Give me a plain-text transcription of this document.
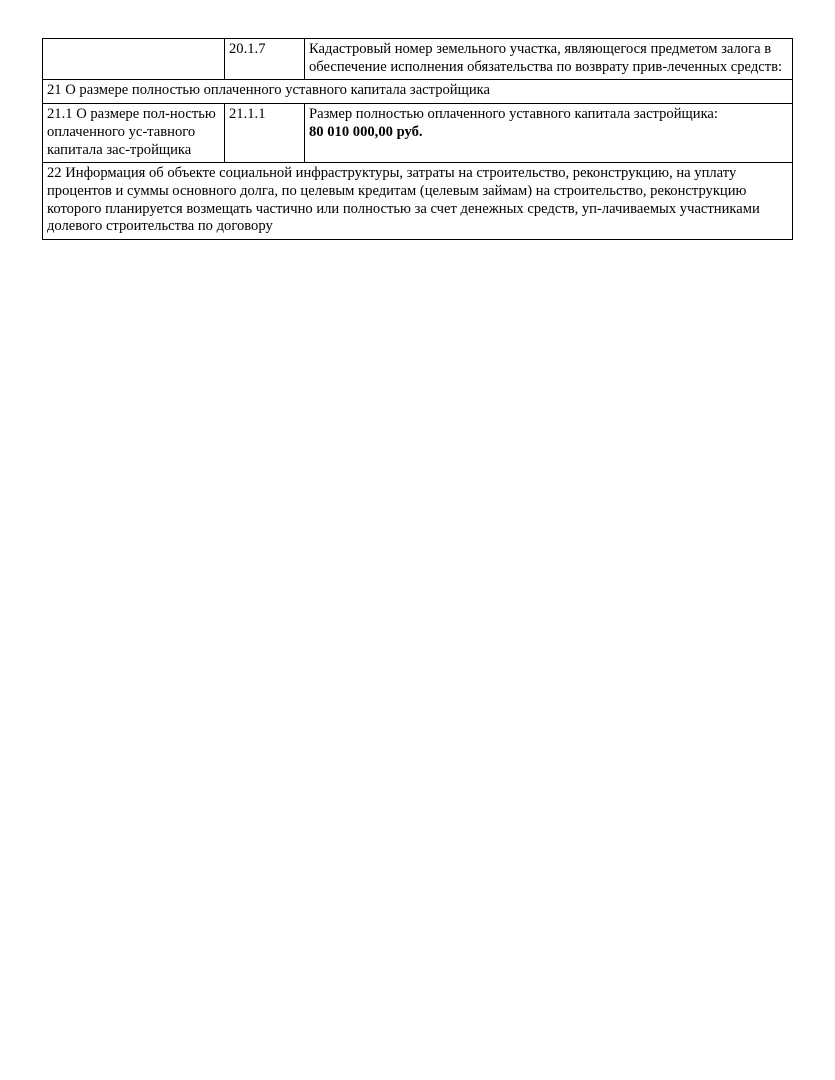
	20.1.7	Кадастровый номер земельного участка, являющегося предметом залога в обеспечение исполнения обязательства по возврату прив-леченных средств:

21 О размере полностью оплаченного уставного капитала застройщика		

21.1 О размере пол-ностью оплаченного ус-тавного капитала зас-тройщика	21.1.1	Размер полностью оплаченного уставного капитала застройщика:
80 010 000,00 руб.

22 Информация об объекте социальной инфраструктуры, затраты на строительство, реконструкцию, на уплату процентов и суммы основного долга, по целевым кредитам (целевым займам) на строительство, реконструкцию которого планируется возмещать частично или полностью за счет денежных средств, уп-лачиваемых участниками долевого строительства по договору		
